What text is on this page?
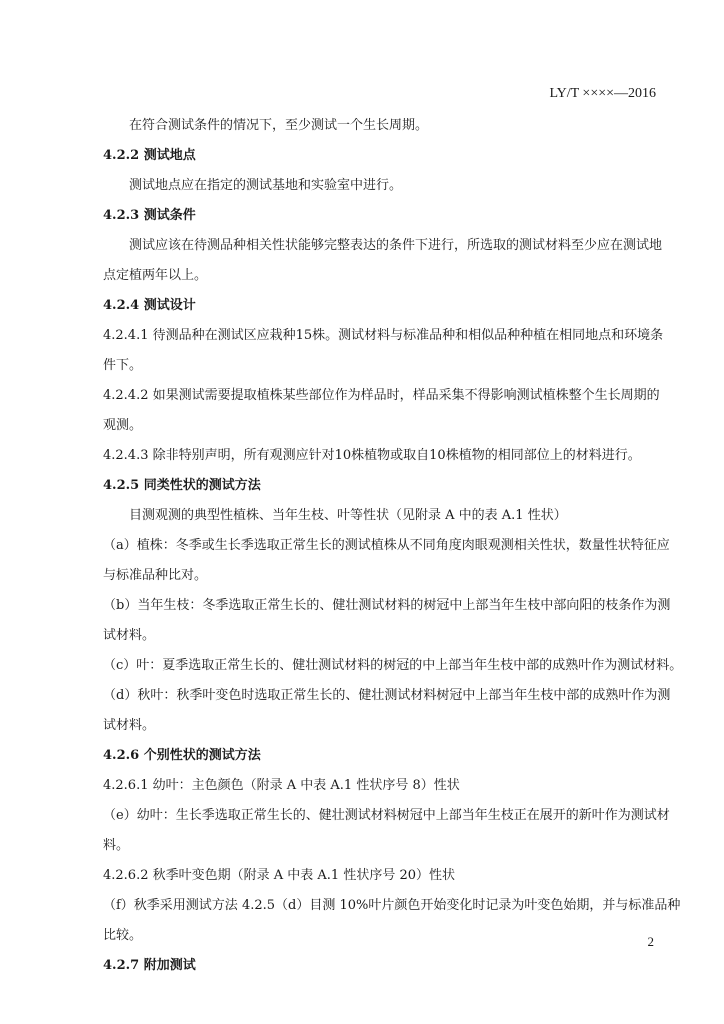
LY/T ××××—2016

在符合测试条件的情况下，至少测试一个生长周期。

4.2.2 测试地点

测试地点应在指定的测试基地和实验室中进行。

4.2.3 测试条件

测试应该在待测品种相关性状能够完整表达的条件下进行，所选取的测试材料至少应在测试地

点定植两年以上。

4.2.4 测试设计

4.2.4.1 待测品种在测试区应栽种15株。测试材料与标准品种和相似品种种植在相同地点和环境条

件下。

4.2.4.2 如果测试需要提取植株某些部位作为样品时，样品采集不得影响测试植株整个生长周期的

观测。

4.2.4.3 除非特别声明，所有观测应针对10株植物或取自10株植物的相同部位上的材料进行。

4.2.5 同类性状的测试方法

目测观测的典型性植株、当年生枝、叶等性状（见附录 A 中的表 A.1 性状）

（a）植株：冬季或生长季选取正常生长的测试植株从不同角度肉眼观测相关性状，数量性状特征应

与标准品种比对。

（b）当年生枝：冬季选取正常生长的、健壮测试材料的树冠中上部当年生枝中部向阳的枝条作为测

试材料。

（c）叶：夏季选取正常生长的、健壮测试材料的树冠的中上部当年生枝中部的成熟叶作为测试材料。

（d）秋叶：秋季叶变色时选取正常生长的、健壮测试材料树冠中上部当年生枝中部的成熟叶作为测

试材料。

4.2.6 个别性状的测试方法

4.2.6.1 幼叶：主色颜色（附录 A 中表 A.1 性状序号 8）性状

（e）幼叶：生长季选取正常生长的、健壮测试材料树冠中上部当年生枝正在展开的新叶作为测试材

料。

4.2.6.2 秋季叶变色期（附录 A 中表 A.1 性状序号 20）性状

（f）秋季采用测试方法 4.2.5（d）目测 10%叶片颜色开始变化时记录为叶变色始期，并与标准品种

比较。

4.2.7 附加测试

2
